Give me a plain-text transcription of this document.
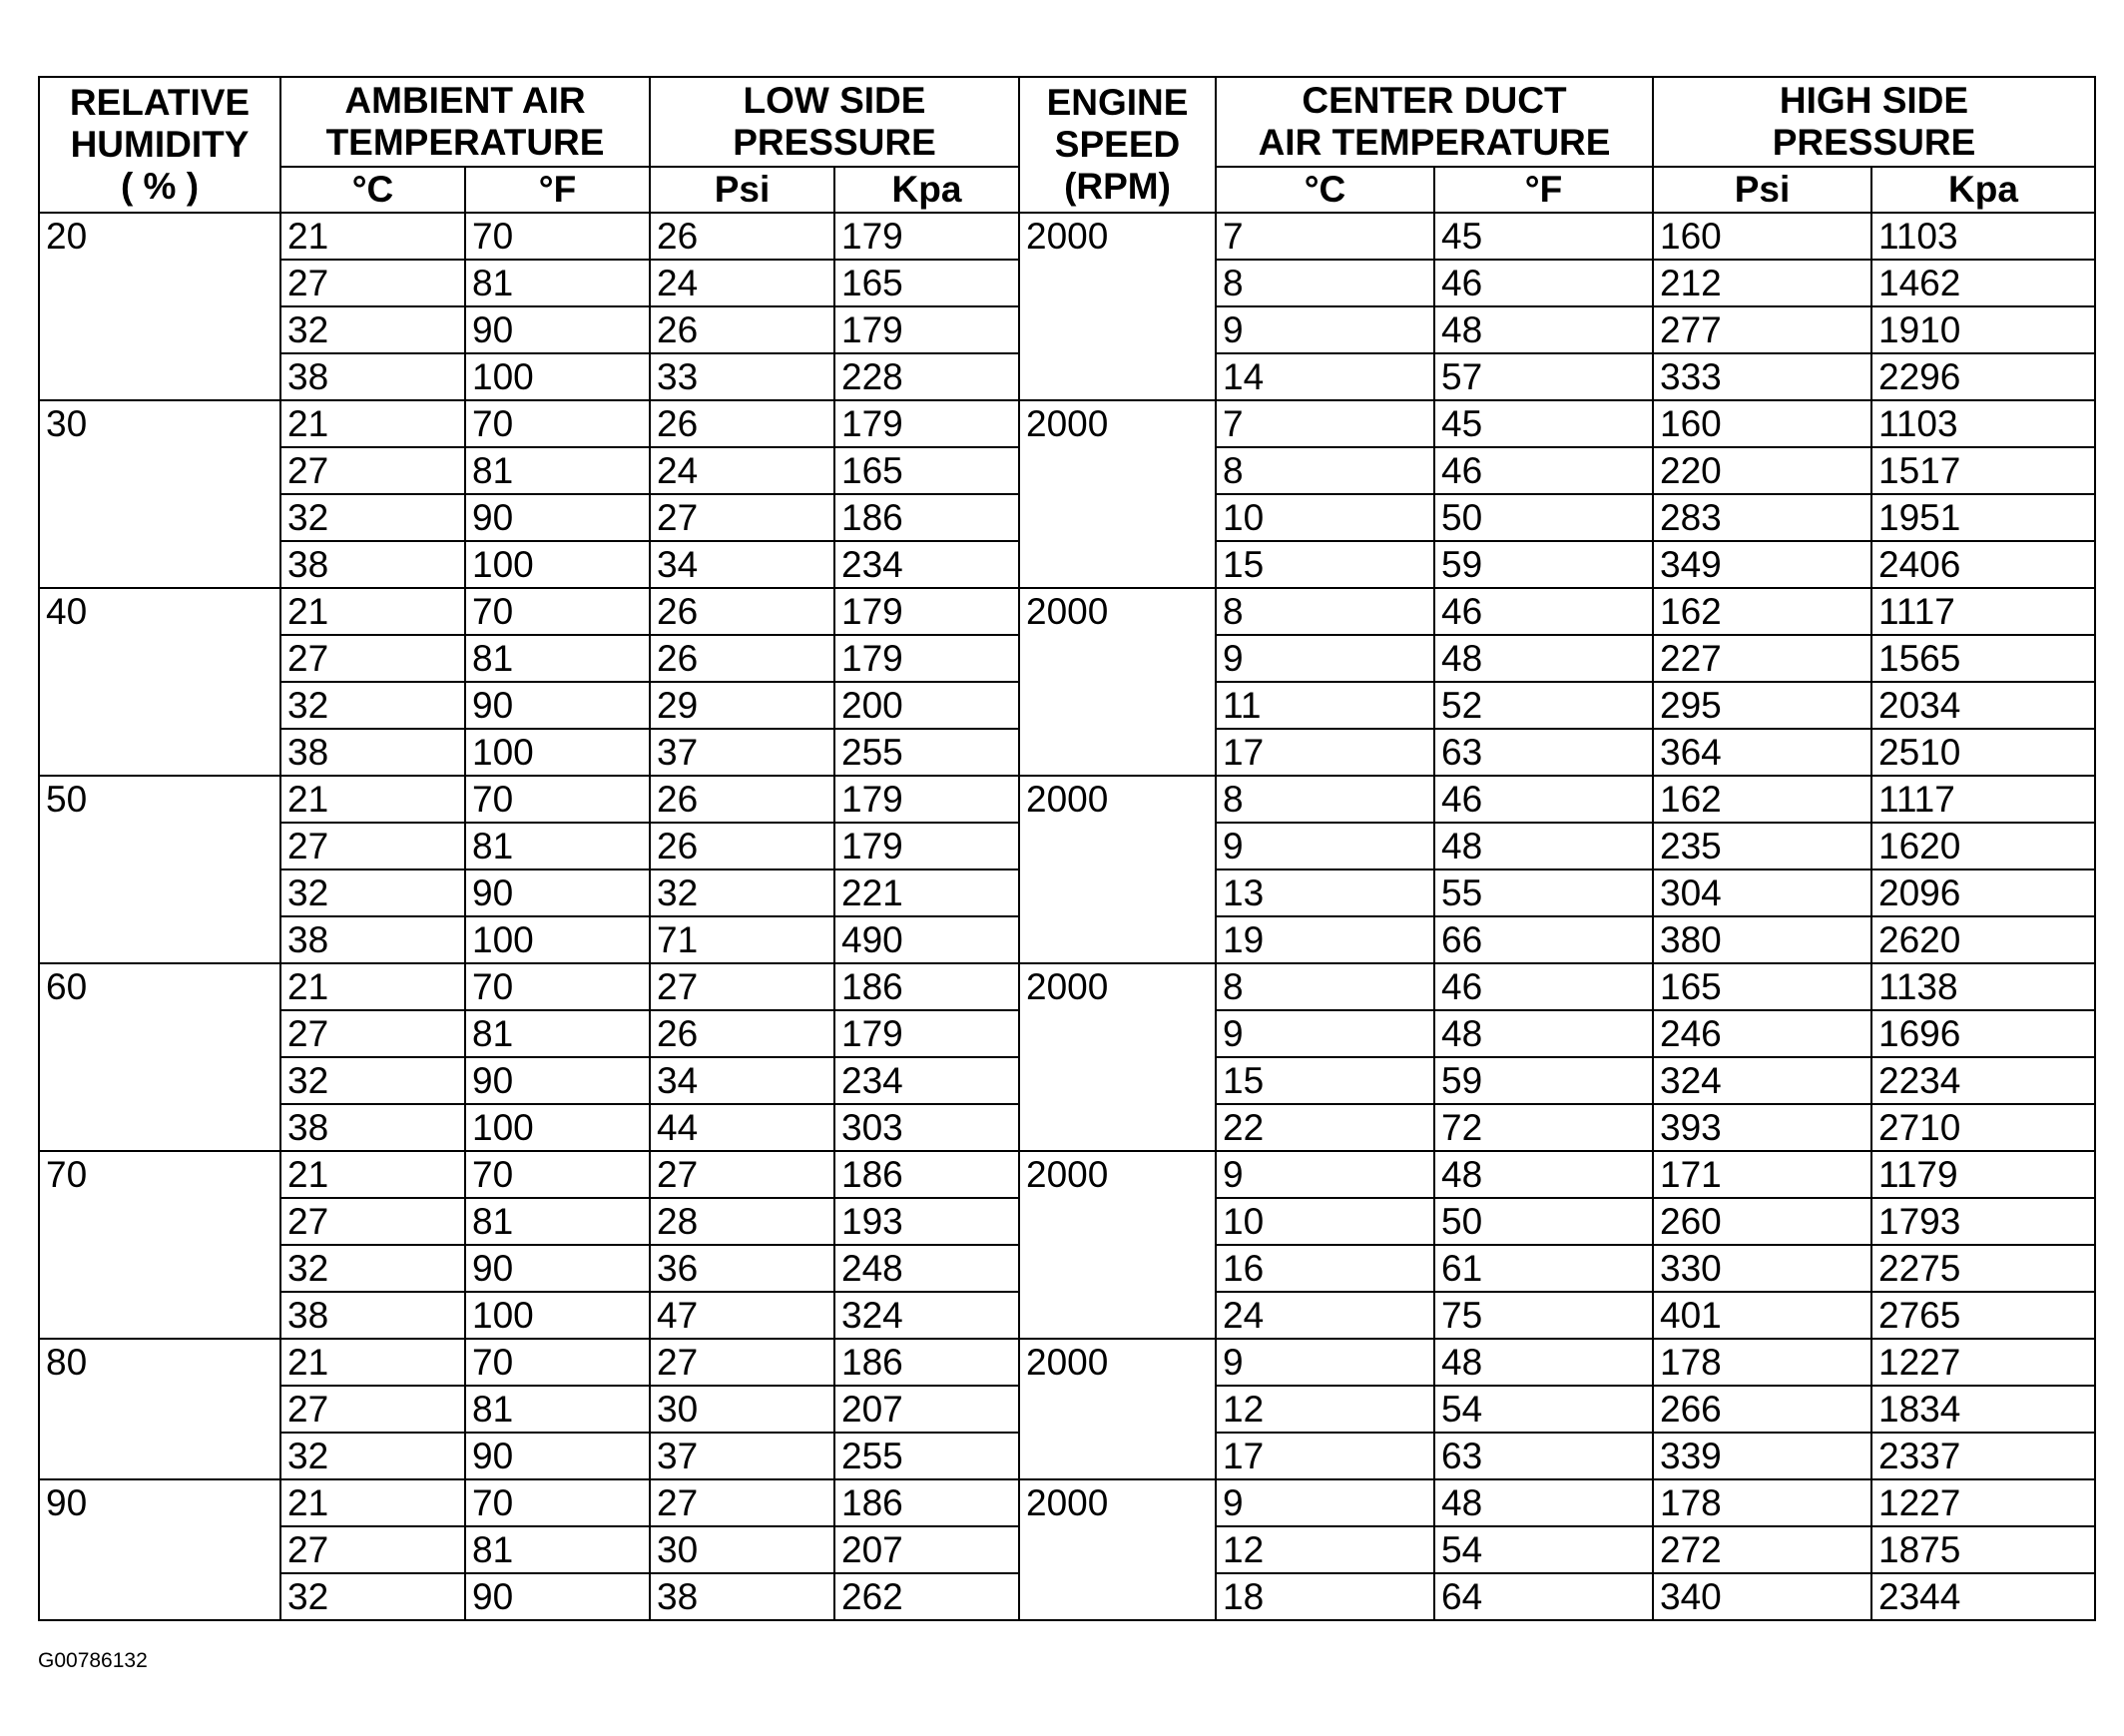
RELATIVE
HUMIDITY
( % )	AMBIENT AIR
TEMPERATURE		LOW SIDE
PRESSURE		ENGINE
SPEED
(RPM)	CENTER DUCT
AIR TEMPERATURE		HIGH SIDE
PRESSURE	

	°C	°F	Psi	Kpa		°C	°F	Psi	Kpa
20	21	70	26	179	2000	7	45	160	1103
	27	81	24	165		8	46	212	1462
	32	90	26	179		9	48	277	1910
	38	100	33	228		14	57	333	2296
30	21	70	26	179	2000	7	45	160	1103
	27	81	24	165		8	46	220	1517
	32	90	27	186		10	50	283	1951
	38	100	34	234		15	59	349	2406
40	21	70	26	179	2000	8	46	162	1117
	27	81	26	179		9	48	227	1565
	32	90	29	200		11	52	295	2034
	38	100	37	255		17	63	364	2510
50	21	70	26	179	2000	8	46	162	1117
	27	81	26	179		9	48	235	1620
	32	90	32	221		13	55	304	2096
	38	100	71	490		19	66	380	2620
60	21	70	27	186	2000	8	46	165	1138
	27	81	26	179		9	48	246	1696
	32	90	34	234		15	59	324	2234
	38	100	44	303		22	72	393	2710
70	21	70	27	186	2000	9	48	171	1179
	27	81	28	193		10	50	260	1793
	32	90	36	248		16	61	330	2275
	38	100	47	324		24	75	401	2765
80	21	70	27	186	2000	9	48	178	1227
	27	81	30	207		12	54	266	1834
	32	90	37	255		17	63	339	2337
90	21	70	27	186	2000	9	48	178	1227
	27	81	30	207		12	54	272	1875
	32	90	38	262		18	64	340	2344
G00786132
